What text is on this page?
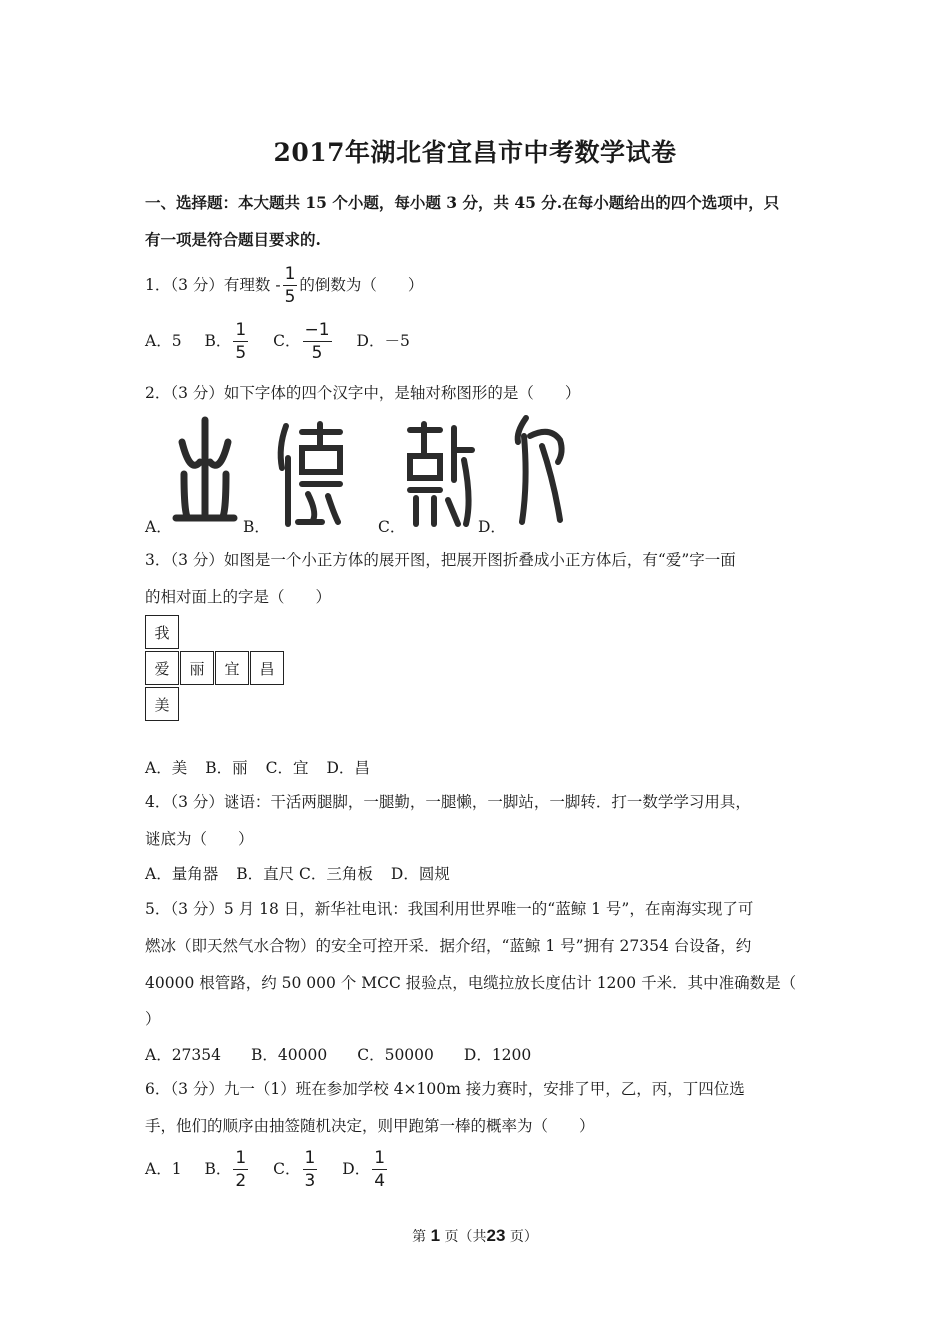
2017年湖北省宜昌市中考数学试卷
一、选择题：本大题共 15 个小题，每小题 3 分，共 45 分.在每小题给出的四个选项中，只
有一项是符合题目要求的.
1．（3 分）有理数 - $\frac{1}{5}$ 的倒数为（　　）
A．5 B． $\frac{1}{5}$ C． $\frac{-1}{5}$ D．－5
2．（3 分）如下字体的四个汉字中，是轴对称图形的是（　　）
A．	B．	C．	D．
3．（3 分）如图是一个小正方体的展开图，把展开图折叠成小正方体后，有“爱”字一面
的相对面上的字是（　　）
我
爱	丽	宜	昌
美
A．美 B．丽 C．宜 D．昌
4．（3 分）谜语：干活两腿脚，一腿勤，一腿懒，一脚站，一脚转．打一数学学习用具，
谜底为（　　）
A．量角器 B．直尺 C．三角板 D．圆规
5．（3 分）5 月 18 日，新华社电讯：我国利用世界唯一的“蓝鲸 1 号”，在南海实现了可
燃冰（即天然气水合物）的安全可控开采．据介绍，“蓝鲸 1 号”拥有 27354 台设备，约
40000 根管路，约 50 000 个 MCC 报验点，电缆拉放长度估计 1200 千米．其中准确数是（
）
A．27354 B．40000 C．50000 D．1200
6．（3 分）九一（1）班在参加学校 4×100m 接力赛时，安排了甲，乙，丙，丁四位选
手，他们的顺序由抽签随机决定，则甲跑第一棒的概率为（　　）
A．1 B． $\frac{1}{2}$ C． $\frac{1}{3}$ D． $\frac{1}{4}$
第 1 页（共23 页）
